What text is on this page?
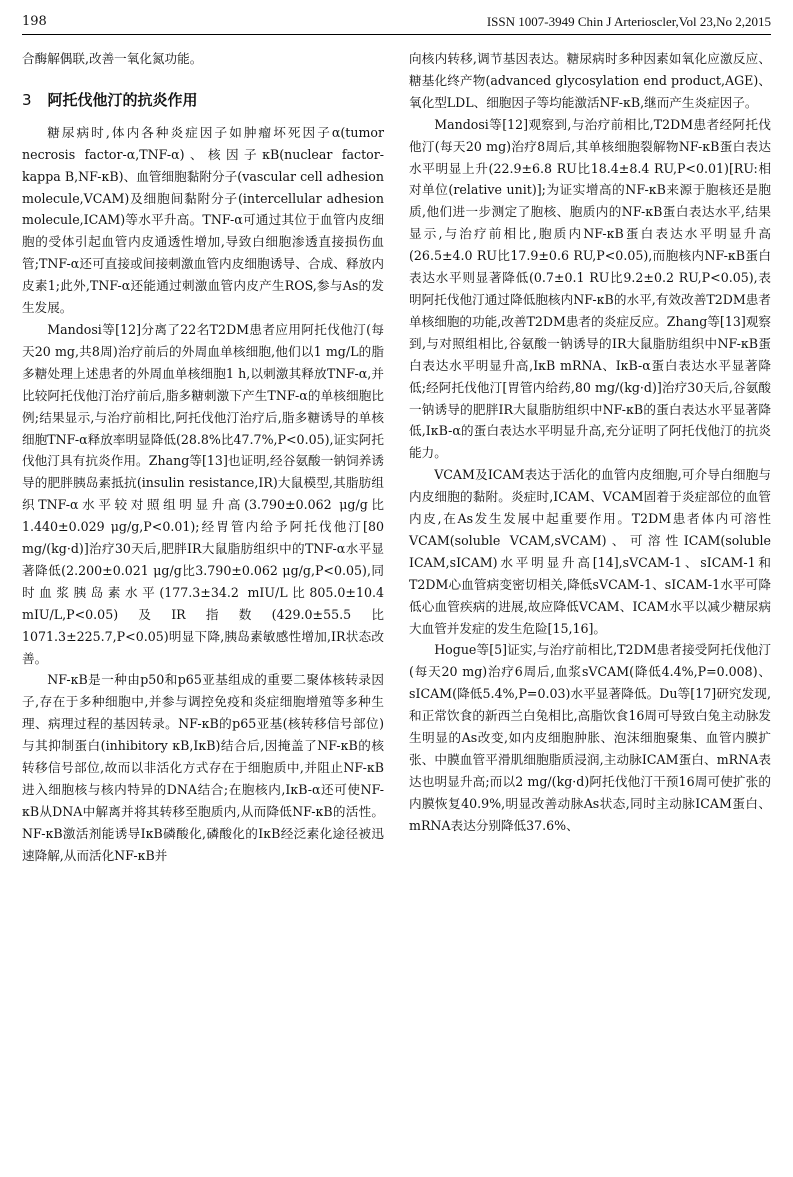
198	ISSN 1007-3949 Chin J Arterioscler,Vol 23,No 2,2015

合酶解偶联,改善一氧化氮功能。

3 阿托伐他汀的抗炎作用

糖尿病时,体内各种炎症因子如肿瘤坏死因子α(tumor necrosis factor-α,TNF-α)、核因子κB(nuclear factor-kappa B,NF-κB)、血管细胞黏附分子(vascular cell adhesion molecule,VCAM)及细胞间黏附分子(intercellular adhesion molecule,ICAM)等水平升高。TNF-α可通过其位于血管内皮细胞的受体引起血管内皮通透性增加,导致白细胞渗透直接损伤血管;TNF-α还可直接或间接刺激血管内皮细胞诱导、合成、释放内皮素1;此外,TNF-α还能通过刺激血管内皮产生ROS,参与As的发生发展。

Mandosi等[12]分离了22名T2DM患者应用阿托伐他汀(每天20 mg,共8周)治疗前后的外周血单核细胞,他们以1 mg/L的脂多糖处理上述患者的外周血单核细胞1 h,以刺激其释放TNF-α,并比较阿托伐他汀治疗前后,脂多糖刺激下产生TNF-α的单核细胞比例;结果显示,与治疗前相比,阿托伐他汀治疗后,脂多糖诱导的单核细胞TNF-α释放率明显降低(28.8%比47.7%,P<0.05),证实阿托伐他汀具有抗炎作用。Zhang等[13]也证明,经谷氨酸一钠饲养诱导的肥胖胰岛素抵抗(insulin resistance,IR)大鼠模型,其脂肪组织TNF-α水平较对照组明显升高(3.790±0.062 μg/g比1.440±0.029 μg/g,P<0.01);经胃管内给予阿托伐他汀[80 mg/(kg·d)]治疗30天后,肥胖IR大鼠脂肪组织中的TNF-α水平显著降低(2.200±0.021 μg/g比3.790±0.062 μg/g,P<0.05),同时血浆胰岛素水平(177.3±34.2 mIU/L比805.0±10.4 mIU/L,P<0.05)及IR指数(429.0±55.5比1071.3±225.7,P<0.05)明显下降,胰岛素敏感性增加,IR状态改善。

NF-κB是一种由p50和p65亚基组成的重要二聚体核转录因子,存在于多种细胞中,并参与调控免疫和炎症细胞增殖等多种生理、病理过程的基因转录。NF-κB的p65亚基(核转移信号部位)与其抑制蛋白(inhibitory κB,IκB)结合后,因掩盖了NF-κB的核转移信号部位,故而以非活化方式存在于细胞质中,并阻止NF-κB进入细胞核与核内特异的DNA结合;在胞核内,IκB-α还可使NF-κB从DNA中解离并将其转移至胞质内,从而降低NF-κB的活性。NF-κB激活剂能诱导IκB磷酸化,磷酸化的IκB经泛素化途径被迅速降解,从而活化NF-κB并

向核内转移,调节基因表达。糖尿病时多种因素如氧化应激反应、糖基化终产物(advanced glycosylation end product,AGE)、氧化型LDL、细胞因子等均能激活NF-κB,继而产生炎症因子。

Mandosi等[12]观察到,与治疗前相比,T2DM患者经阿托伐他汀(每天20 mg)治疗8周后,其单核细胞裂解物NF-κB蛋白表达水平明显上升(22.9±6.8 RU比18.4±8.4 RU,P<0.01)[RU:相对单位(relative unit)];为证实增高的NF-κB来源于胞核还是胞质,他们进一步测定了胞核、胞质内的NF-κB蛋白表达水平,结果显示,与治疗前相比,胞质内NF-κB蛋白表达水平明显升高(26.5±4.0 RU比17.9±0.6 RU,P<0.05),而胞核内NF-κB蛋白表达水平则显著降低(0.7±0.1 RU比9.2±0.2 RU,P<0.05),表明阿托伐他汀通过降低胞核内NF-κB的水平,有效改善T2DM患者单核细胞的功能,改善T2DM患者的炎症反应。Zhang等[13]观察到,与对照组相比,谷氨酸一钠诱导的IR大鼠脂肪组织中NF-κB蛋白表达水平明显升高,IκB mRNA、IκB-α蛋白表达水平显著降低;经阿托伐他汀[胃管内给药,80 mg/(kg·d)]治疗30天后,谷氨酸一钠诱导的肥胖IR大鼠脂肪组织中NF-κB的蛋白表达水平显著降低,IκB-α的蛋白表达水平明显升高,充分证明了阿托伐他汀的抗炎能力。

VCAM及ICAM表达于活化的血管内皮细胞,可介导白细胞与内皮细胞的黏附。炎症时,ICAM、VCAM固着于炎症部位的血管内皮,在As发生发展中起重要作用。T2DM患者体内可溶性VCAM(soluble VCAM,sVCAM)、可溶性ICAM(soluble ICAM,sICAM)水平明显升高[14],sVCAM-1、sICAM-1和T2DM心血管病变密切相关,降低sVCAM-1、sICAM-1水平可降低心血管疾病的进展,故应降低VCAM、ICAM水平以减少糖尿病大血管并发症的发生危险[15,16]。

Hogue等[5]证实,与治疗前相比,T2DM患者接受阿托伐他汀(每天20 mg)治疗6周后,血浆sVCAM(降低4.4%,P=0.008)、sICAM(降低5.4%,P=0.03)水平显著降低。Du等[17]研究发现,和正常饮食的新西兰白兔相比,高脂饮食16周可导致白兔主动脉发生明显的As改变,如内皮细胞肿胀、泡沫细胞聚集、血管内膜扩张、中膜血管平滑肌细胞脂质浸润,主动脉ICAM蛋白、mRNA表达也明显升高;而以2 mg/(kg·d)阿托伐他汀干预16周可使扩张的内膜恢复40.9%,明显改善动脉As状态,同时主动脉ICAM蛋白、mRNA表达分别降低37.6%、
